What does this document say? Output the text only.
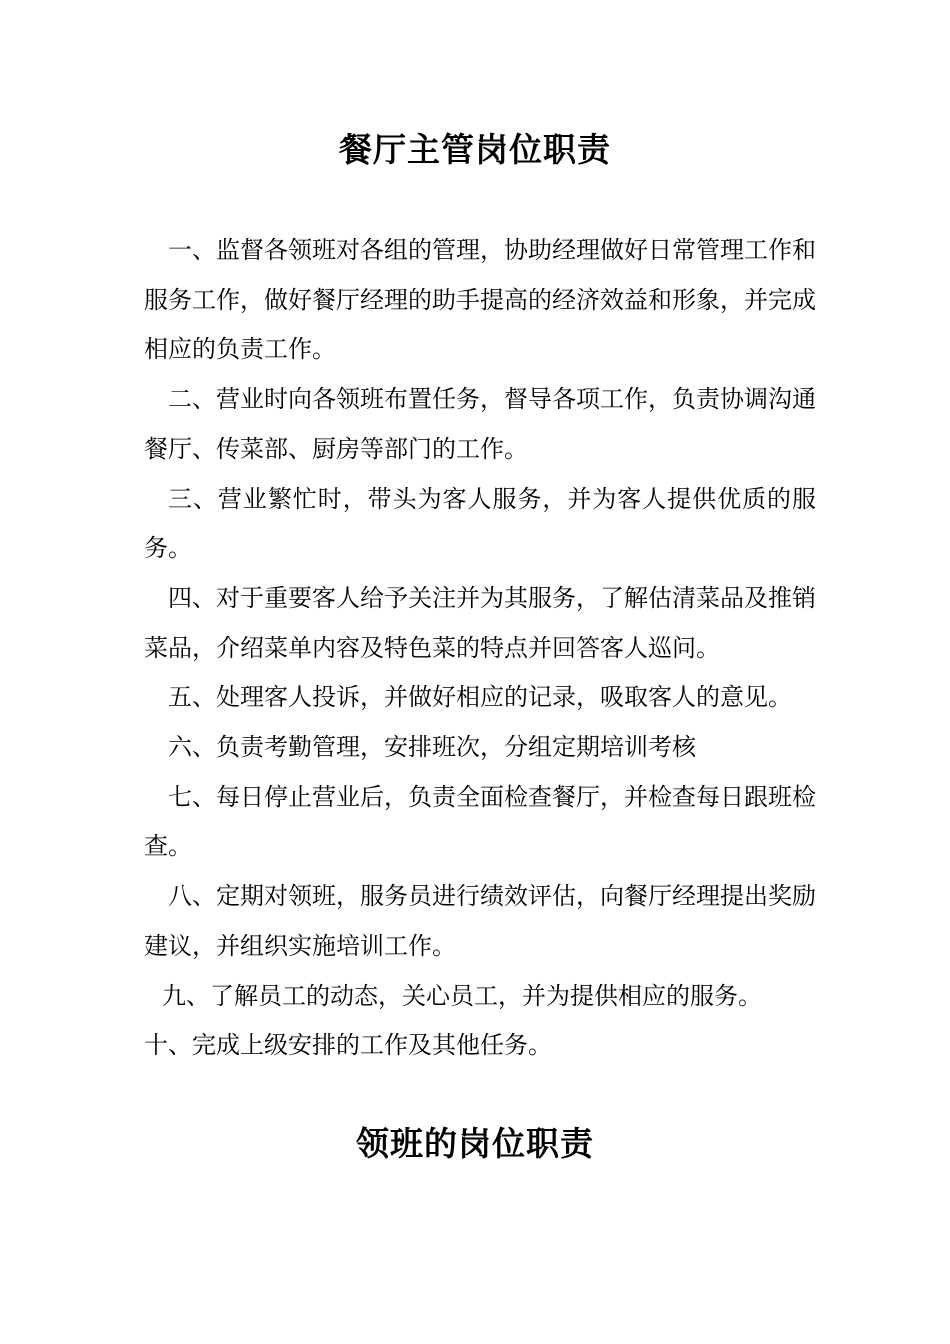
餐厅主管岗位职责

一、监督各领班对各组的管理，协助经理做好日常管理工作和服务工作，做好餐厅经理的助手提高的经济效益和形象，并完成相应的负责工作。

二、营业时向各领班布置任务，督导各项工作，负责协调沟通餐厅、传菜部、厨房等部门的工作。

三、营业繁忙时，带头为客人服务，并为客人提供优质的服务。

四、对于重要客人给予关注并为其服务，了解估清菜品及推销菜品，介绍菜单内容及特色菜的特点并回答客人巡问。

五、处理客人投诉，并做好相应的记录，吸取客人的意见。

六、负责考勤管理，安排班次，分组定期培训考核

七、每日停止营业后，负责全面检查餐厅，并检查每日跟班检查。

八、定期对领班，服务员进行绩效评估，向餐厅经理提出奖励建议，并组织实施培训工作。

九、了解员工的动态，关心员工，并为提供相应的服务。

十、完成上级安排的工作及其他任务。

领班的岗位职责
